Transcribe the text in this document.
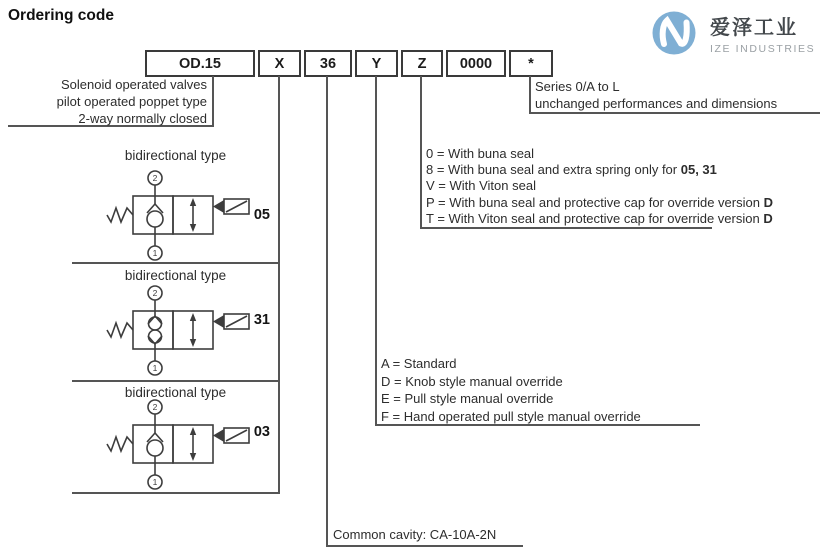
Ordering code
爱泽工业
IZE INDUSTRIES
OD.15	X	36	Y	Z	0000	*
Solenoid operated valves
pilot operated poppet type
2-way normally closed
Series 0/A to L
unchanged performances and dimensions
0 = With buna seal
8 = With buna seal and extra spring only for 05, 31
V = With Viton seal
P = With buna seal and protective cap for override version D
T = With Viton seal and protective cap for override version D
A = Standard
D = Knob style manual override
E = Pull style manual override
F = Hand operated pull style manual override
Common cavity: CA-10A-2N
bidirectional type
bidirectional type
bidirectional type
05
31
03
2
1
2
1
2
1
